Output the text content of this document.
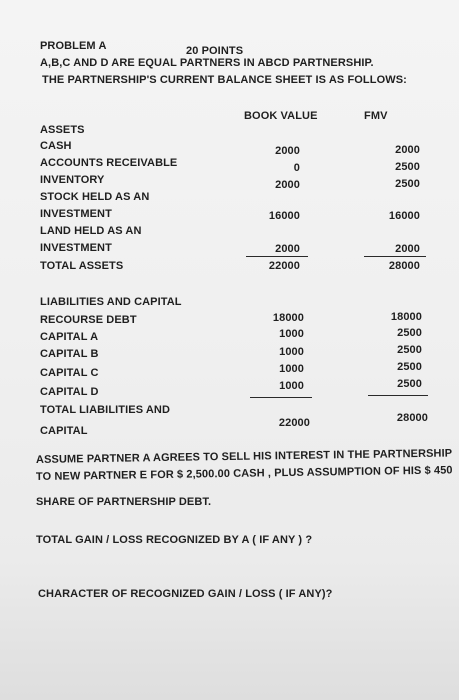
PROBLEM A	20 POINTS
A,B,C AND D ARE EQUAL PARTNERS IN ABCD PARTNERSHIP.
THE PARTNERSHIP'S CURRENT BALANCE SHEET IS AS FOLLOWS:
BOOK VALUE	FMV
ASSETS
CASH	2000	2000
ACCOUNTS RECEIVABLE	0	2500
INVENTORY	2000	2500
STOCK HELD AS AN
INVESTMENT	16000	16000
LAND HELD AS AN
INVESTMENT	2000	2000
TOTAL ASSETS	22000	28000
LIABILITIES AND CAPITAL
RECOURSE DEBT	18000	18000
CAPITAL A	1000	2500
CAPITAL B	1000	2500
CAPITAL C	1000	2500
CAPITAL D	1000	2500
TOTAL LIABILITIES AND
CAPITAL
22000	28000
ASSUME PARTNER A AGREES TO SELL HIS INTEREST IN THE PARTNERSHIP
TO NEW PARTNER E FOR $ 2,500.00 CASH , PLUS ASSUMPTION OF HIS $ 450
SHARE OF PARTNERSHIP DEBT.
TOTAL GAIN / LOSS RECOGNIZED BY A ( IF ANY ) ?
CHARACTER OF RECOGNIZED GAIN / LOSS ( IF ANY)?
